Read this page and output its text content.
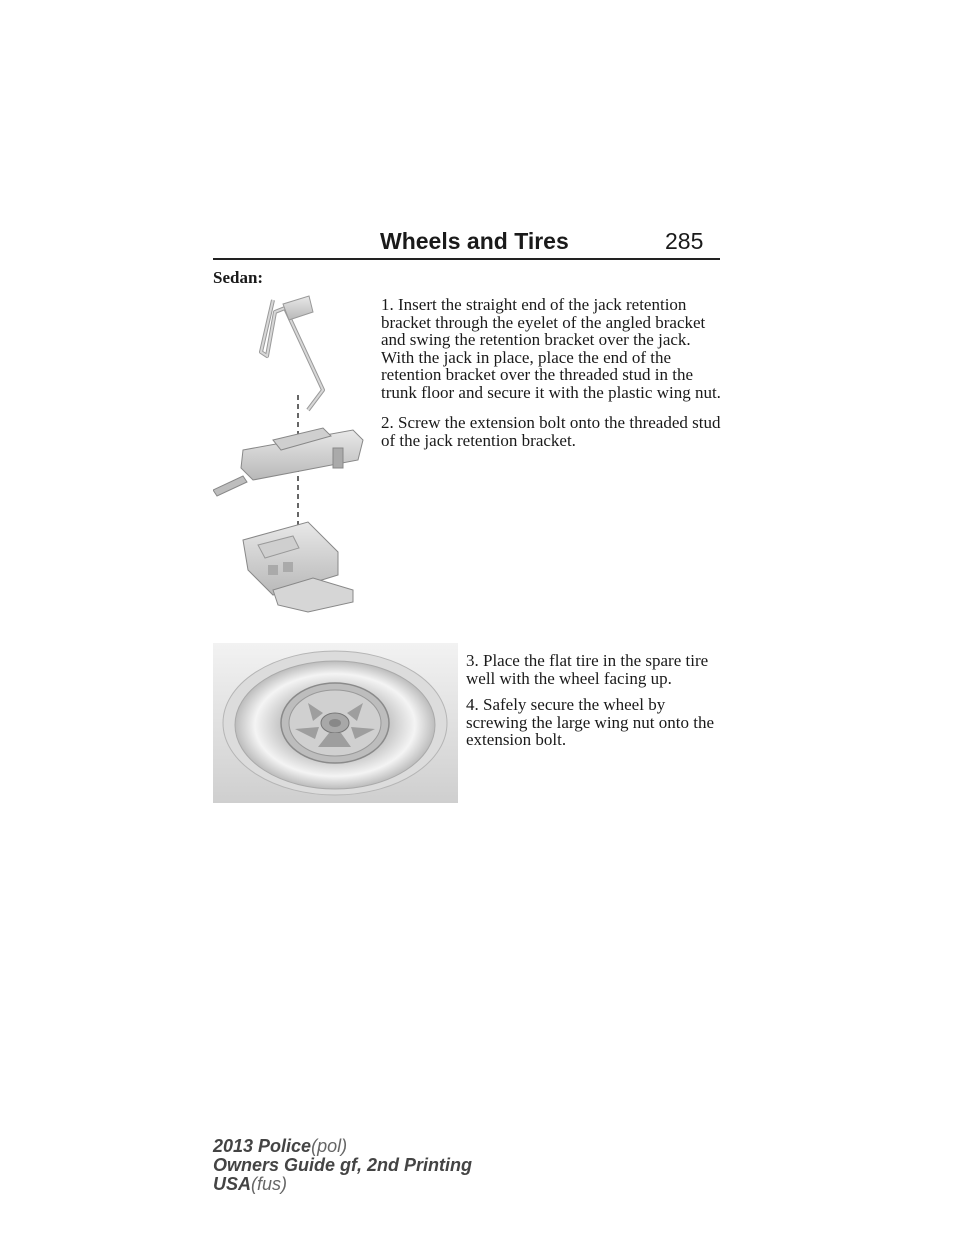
Wheels and Tires	285
Sedan:

1. Insert the straight end of the jack retention bracket through the eyelet of the angled bracket and swing the retention bracket over the jack. With the jack in place, place the end of the retention bracket over the threaded stud in the trunk floor and secure it with the plastic wing nut.

2. Screw the extension bolt onto the threaded stud of the jack retention bracket.

3. Place the flat tire in the spare tire well with the wheel facing up.

4. Safely secure the wheel by screwing the large wing nut onto the extension bolt.

2013 Police(pol)
Owners Guide gf, 2nd Printing
USA(fus)
